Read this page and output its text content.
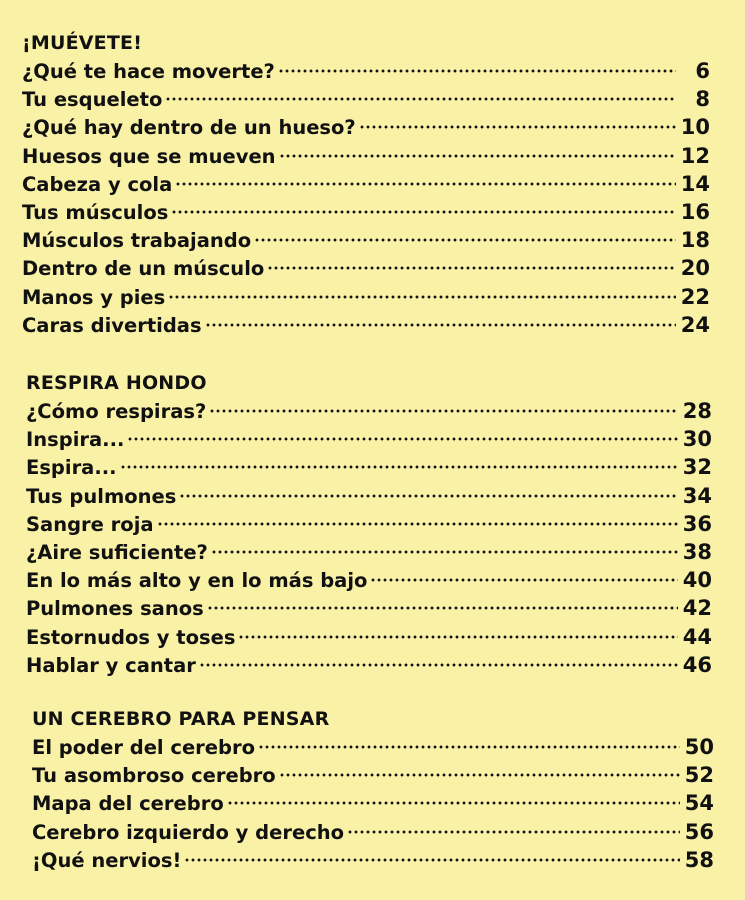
¡MUÉVETE!
¿Qué te hace moverte?	6
Tu esqueleto	8
¿Qué hay dentro de un hueso?	10
Huesos que se mueven	12
Cabeza y cola	14
Tus músculos	16
Músculos trabajando	18
Dentro de un músculo	20
Manos y pies	22
Caras divertidas	24
RESPIRA HONDO
¿Cómo respiras?	28
Inspira...	30
Espira...	32
Tus pulmones	34
Sangre roja	36
¿Aire suficiente?	38
En lo más alto y en lo más bajo	40
Pulmones sanos	42
Estornudos y toses	44
Hablar y cantar	46
UN CEREBRO PARA PENSAR
El poder del cerebro	50
Tu asombroso cerebro	52
Mapa del cerebro	54
Cerebro izquierdo y derecho	56
¡Qué nervios!	58
